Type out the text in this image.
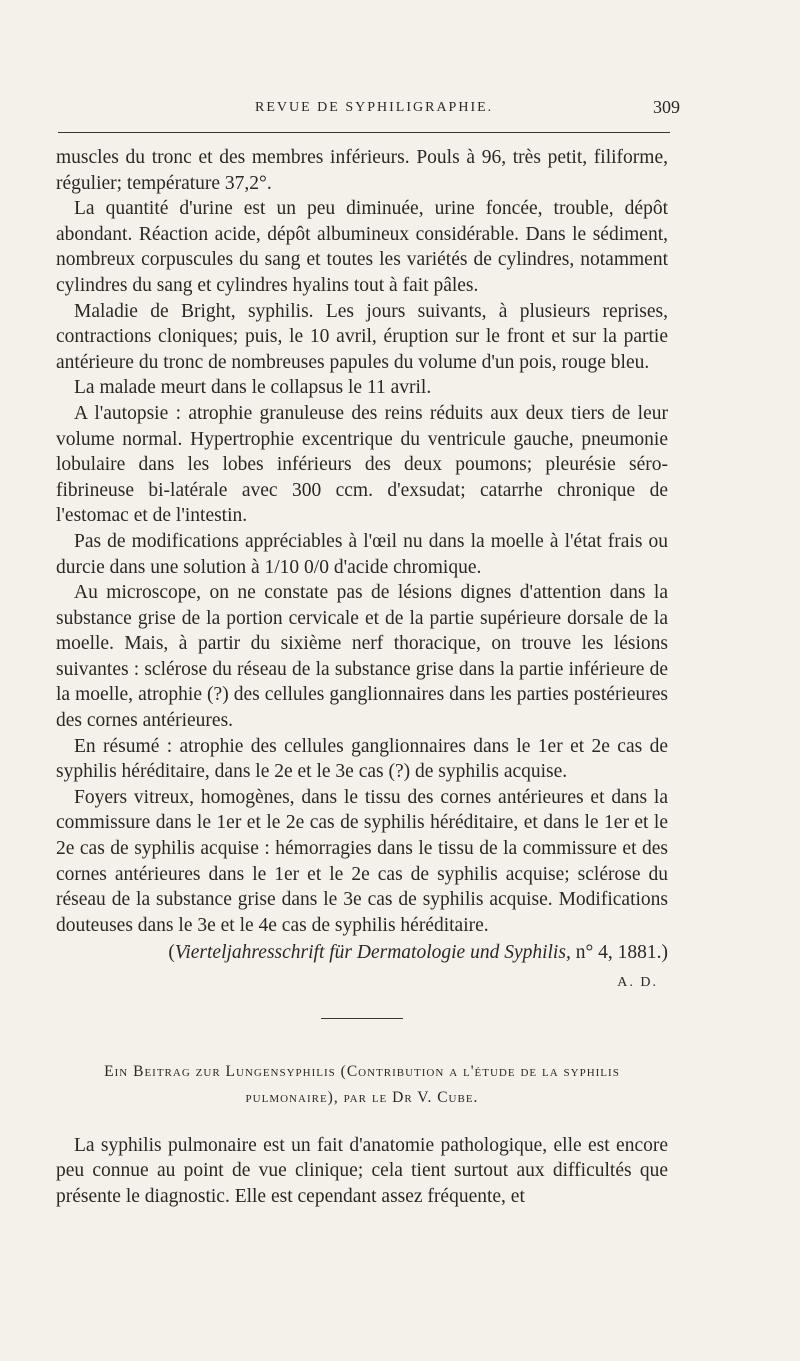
REVUE DE SYPHILIGRAPHIE.	309

muscles du tronc et des membres inférieurs. Pouls à 96, très petit, filiforme, régulier; température 37,2°.

La quantité d'urine est un peu diminuée, urine foncée, trouble, dépôt abondant. Réaction acide, dépôt albumineux considérable. Dans le sédiment, nombreux corpuscules du sang et toutes les variétés de cylindres, notamment cylindres du sang et cylindres hyalins tout à fait pâles.

Maladie de Bright, syphilis. Les jours suivants, à plusieurs reprises, contractions cloniques; puis, le 10 avril, éruption sur le front et sur la partie antérieure du tronc de nombreuses papules du volume d'un pois, rouge bleu.

La malade meurt dans le collapsus le 11 avril.

A l'autopsie : atrophie granuleuse des reins réduits aux deux tiers de leur volume normal. Hypertrophie excentrique du ventricule gauche, pneumonie lobulaire dans les lobes inférieurs des deux poumons; pleurésie séro-fibrineuse bi-latérale avec 300 ccm. d'exsudat; catarrhe chronique de l'estomac et de l'intestin.

Pas de modifications appréciables à l'œil nu dans la moelle à l'état frais ou durcie dans une solution à 1/10 0/0 d'acide chromique.

Au microscope, on ne constate pas de lésions dignes d'attention dans la substance grise de la portion cervicale et de la partie supérieure dorsale de la moelle. Mais, à partir du sixième nerf thoracique, on trouve les lésions suivantes : sclérose du réseau de la substance grise dans la partie inférieure de la moelle, atrophie (?) des cellules ganglionnaires dans les parties postérieures des cornes antérieures.

En résumé : atrophie des cellules ganglionnaires dans le 1er et 2e cas de syphilis héréditaire, dans le 2e et le 3e cas (?) de syphilis acquise.

Foyers vitreux, homogènes, dans le tissu des cornes antérieures et dans la commissure dans le 1er et le 2e cas de syphilis héréditaire, et dans le 1er et le 2e cas de syphilis acquise : hémorragies dans le tissu de la commissure et des cornes antérieures dans le 1er et le 2e cas de syphilis acquise; sclérose du réseau de la substance grise dans le 3e cas de syphilis acquise. Modifications douteuses dans le 3e et le 4e cas de syphilis héréditaire.

(Vierteljahresschrift für Dermatologie und Syphilis, n° 4, 1881.)

A. D.
Ein Beitrag zur Lungensyphilis (Contribution a l'étude de la syphilis pulmonaire), par le Dr V. Cube.

La syphilis pulmonaire est un fait d'anatomie pathologique, elle est encore peu connue au point de vue clinique; cela tient surtout aux difficultés que présente le diagnostic. Elle est cependant assez fréquente, et
